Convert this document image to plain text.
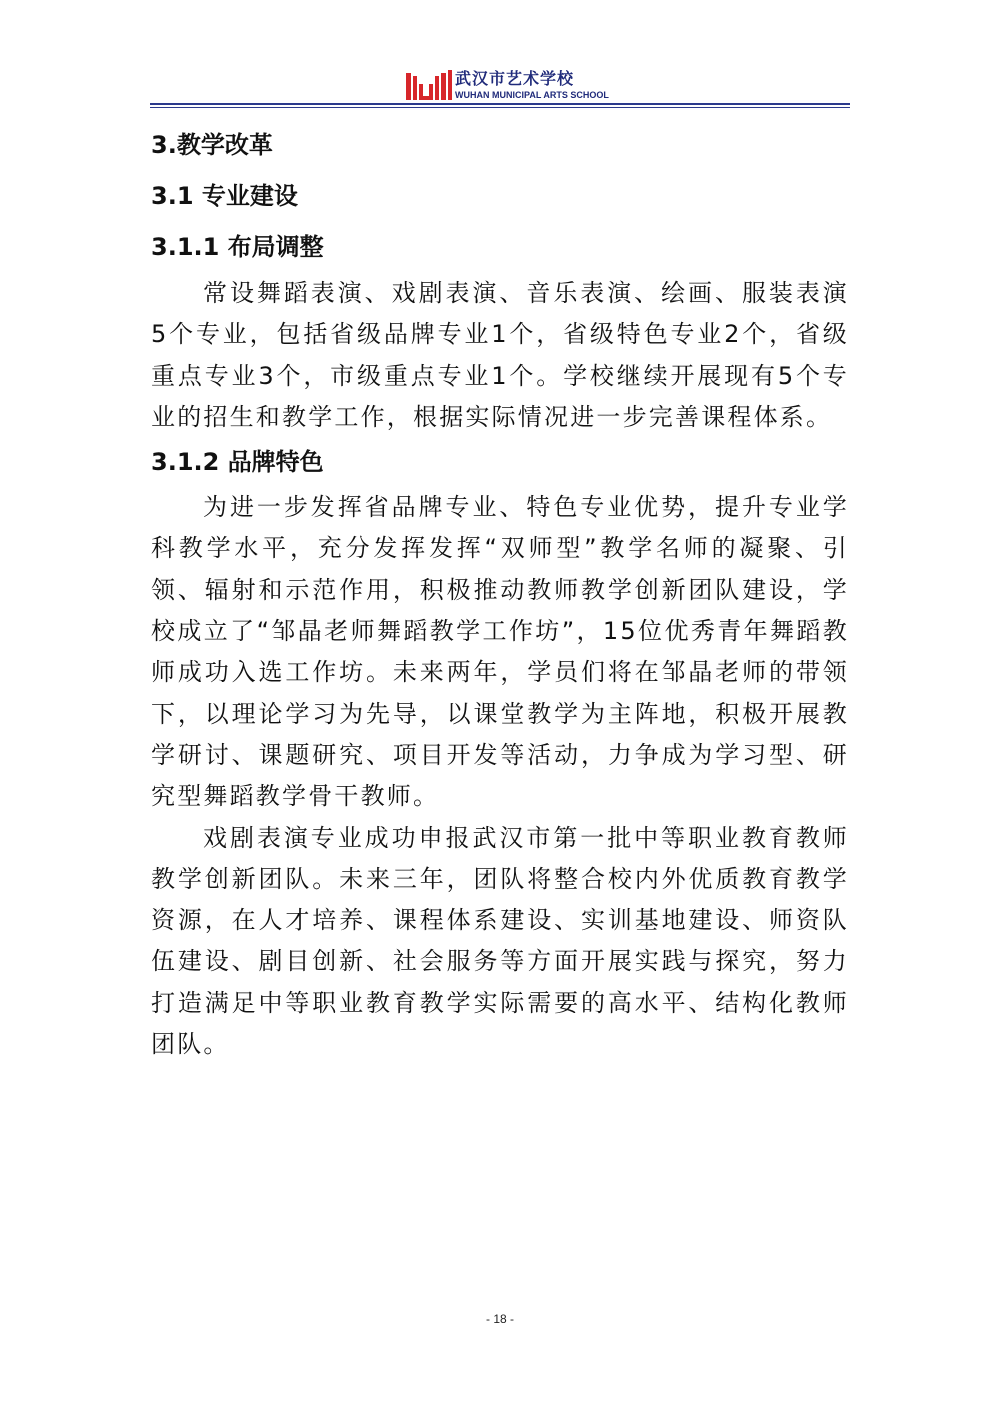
武汉市艺术学校
WUHAN MUNICIPAL ARTS SCHOOL
3.教学改革
3.1 专业建设
3.1.1 布局调整

常设舞蹈表演、戏剧表演、音乐表演、绘画、服装表演5个专业，包括省级品牌专业1个，省级特色专业2个，省级重点专业3个，市级重点专业1个。学校继续开展现有5个专业的招生和教学工作，根据实际情况进一步完善课程体系。

3.1.2 品牌特色

为进一步发挥省品牌专业、特色专业优势，提升专业学科教学水平，充分发挥发挥“双师型”教学名师的凝聚、引领、辐射和示范作用，积极推动教师教学创新团队建设，学校成立了“邹晶老师舞蹈教学工作坊”，15位优秀青年舞蹈教师成功入选工作坊。未来两年，学员们将在邹晶老师的带领下，以理论学习为先导，以课堂教学为主阵地，积极开展教学研讨、课题研究、项目开发等活动，力争成为学习型、研究型舞蹈教学骨干教师。

戏剧表演专业成功申报武汉市第一批中等职业教育教师教学创新团队。未来三年，团队将整合校内外优质教育教学资源，在人才培养、课程体系建设、实训基地建设、师资队伍建设、剧目创新、社会服务等方面开展实践与探究，努力打造满足中等职业教育教学实际需要的高水平、结构化教师团队。

- 18 -
